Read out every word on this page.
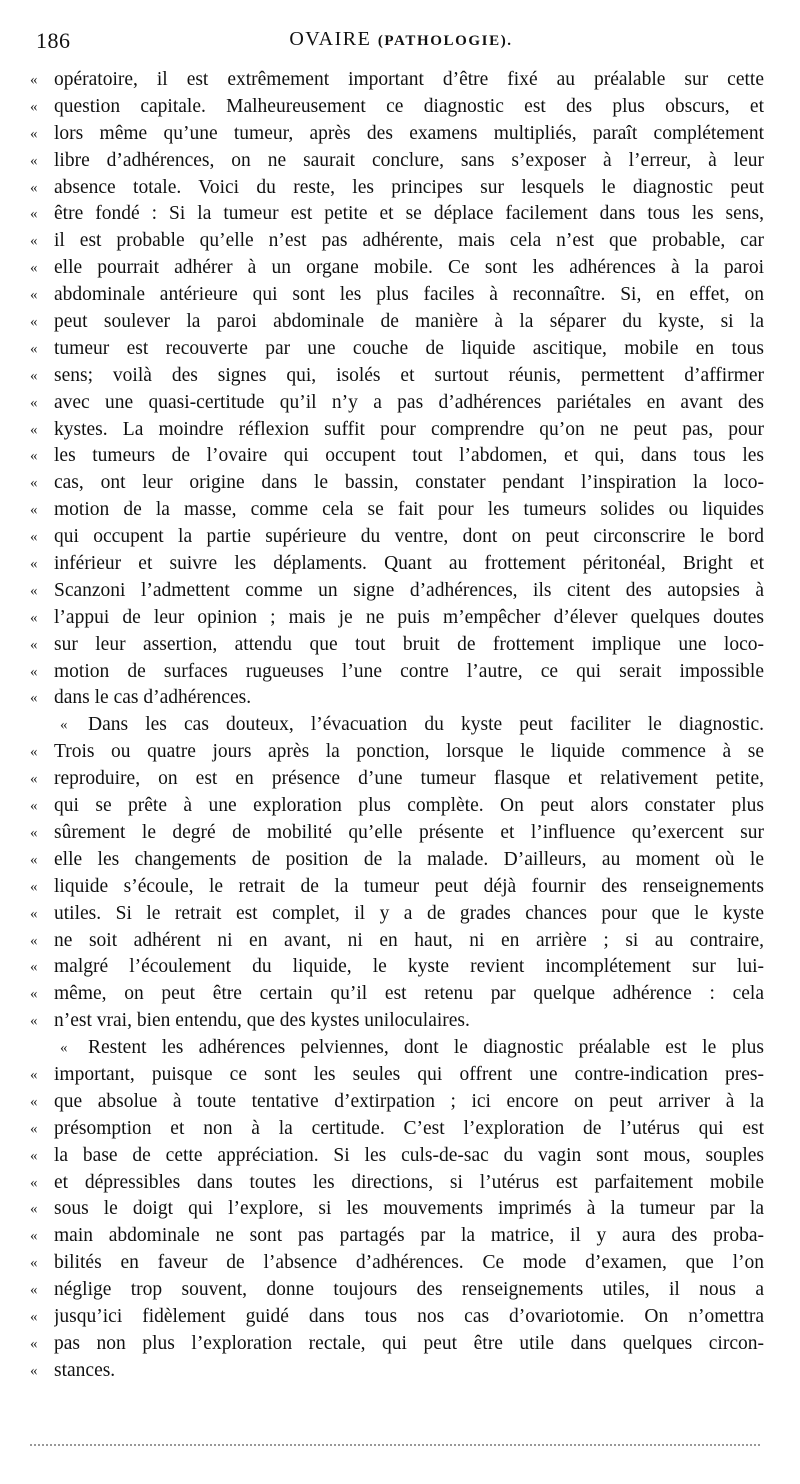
186	OVAIRE (PATHOLOGIE).
« opératoire, il est extrêmement important d’être fixé au préalable sur cette
« question capitale. Malheureusement ce diagnostic est des plus obscurs, et
« lors même qu’une tumeur, après des examens multipliés, paraît complétement
« libre d’adhérences, on ne saurait conclure, sans s’exposer à l’erreur, à leur
« absence totale. Voici du reste, les principes sur lesquels le diagnostic peut
« être fondé : Si la tumeur est petite et se déplace facilement dans tous les sens,
« il est probable qu’elle n’est pas adhérente, mais cela n’est que probable, car
« elle pourrait adhérer à un organe mobile. Ce sont les adhérences à la paroi
« abdominale antérieure qui sont les plus faciles à reconnaître. Si, en effet, on
« peut soulever la paroi abdominale de manière à la séparer du kyste, si la
« tumeur est recouverte par une couche de liquide ascitique, mobile en tous
« sens; voilà des signes qui, isolés et surtout réunis, permettent d’affirmer
« avec une quasi-certitude qu’il n’y a pas d’adhérences pariétales en avant des
« kystes. La moindre réflexion suffit pour comprendre qu’on ne peut pas, pour
« les tumeurs de l’ovaire qui occupent tout l’abdomen, et qui, dans tous les
« cas, ont leur origine dans le bassin, constater pendant l’inspiration la loco-
« motion de la masse, comme cela se fait pour les tumeurs solides ou liquides
« qui occupent la partie supérieure du ventre, dont on peut circonscrire le bord
« inférieur et suivre les déplaments. Quant au frottement péritonéal, Bright et
« Scanzoni l’admettent comme un signe d’adhérences, ils citent des autopsies à
« l’appui de leur opinion ; mais je ne puis m’empêcher d’élever quelques doutes
« sur leur assertion, attendu que tout bruit de frottement implique une loco-
« motion de surfaces rugueuses l’une contre l’autre, ce qui serait impossible
« dans le cas d’adhérences.
«	Dans les cas douteux, l’évacuation du kyste peut faciliter le diagnostic.
« Trois ou quatre jours après la ponction, lorsque le liquide commence à se
« reproduire, on est en présence d’une tumeur flasque et relativement petite,
« qui se prête à une exploration plus complète. On peut alors constater plus
« sûrement le degré de mobilité qu’elle présente et l’influence qu’exercent sur
« elle les changements de position de la malade. D’ailleurs, au moment où le
« liquide s’écoule, le retrait de la tumeur peut déjà fournir des renseignements
« utiles. Si le retrait est complet, il y a de grades chances pour que le kyste
« ne soit adhérent ni en avant, ni en haut, ni en arrière ; si au contraire,
« malgré l’écoulement du liquide, le kyste revient incomplétement sur lui-
« même, on peut être certain qu’il est retenu par quelque adhérence : cela
« n’est vrai, bien entendu, que des kystes uniloculaires.
«	Restent les adhérences pelviennes, dont le diagnostic préalable est le plus
« important, puisque ce sont les seules qui offrent une contre-indication pres-
« que absolue à toute tentative d’extirpation ; ici encore on peut arriver à la
« présomption et non à la certitude. C’est l’exploration de l’utérus qui est
« la base de cette appréciation. Si les culs-de-sac du vagin sont mous, souples
« et dépressibles dans toutes les directions, si l’utérus est parfaitement mobile
« sous le doigt qui l’explore, si les mouvements imprimés à la tumeur par la
« main abdominale ne sont pas partagés par la matrice, il y aura des proba-
« bilités en faveur de l’absence d’adhérences. Ce mode d’examen, que l’on
« néglige trop souvent, donne toujours des renseignements utiles, il nous a
« jusqu’ici fidèlement guidé dans tous nos cas d’ovariotomie. On n’omettra
« pas non plus l’exploration rectale, qui peut être utile dans quelques circon-
« stances.
